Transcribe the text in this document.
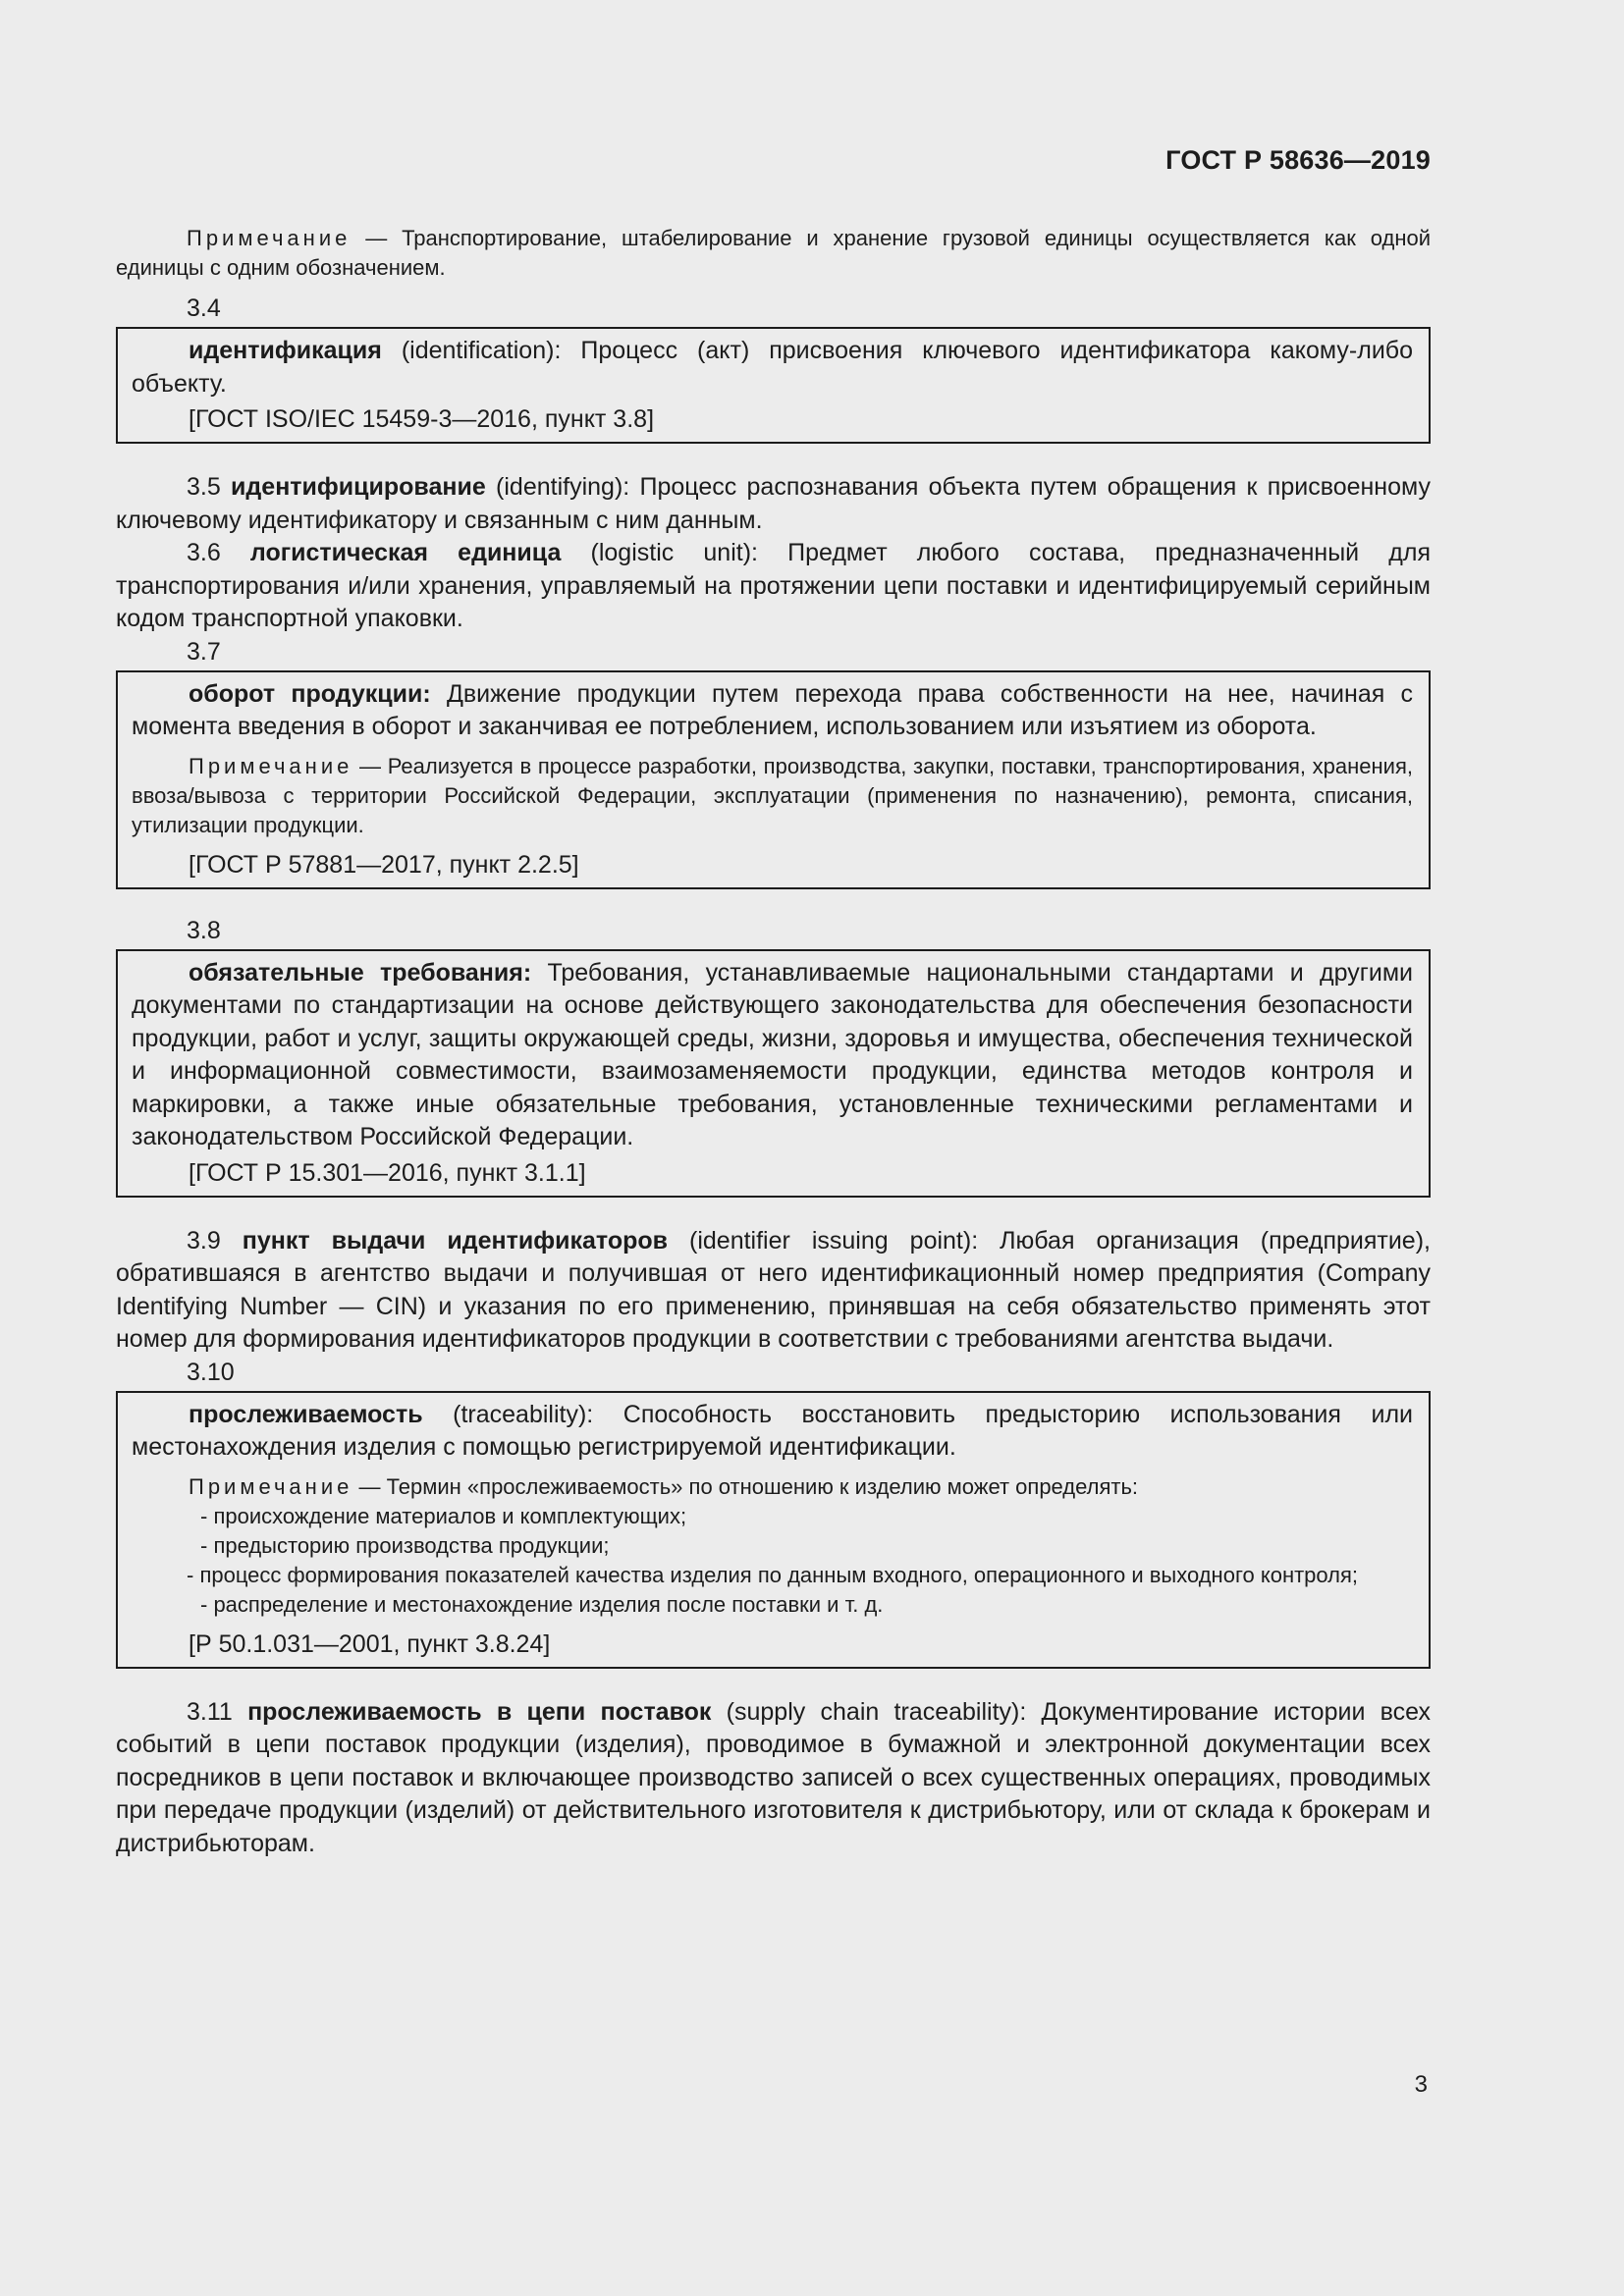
ГОСТ Р 58636—2019

Примечание — Транспортирование, штабелирование и хранение грузовой единицы осуществляется как одной единицы с одним обозначением.

3.4

идентификация (identification): Процесс (акт) присвоения ключевого идентификатора какому-либо объекту.

[ГОСТ ISO/IEC 15459-3—2016, пункт 3.8]

3.5 идентифицирование (identifying): Процесс распознавания объекта путем обращения к присвоенному ключевому идентификатору и связанным с ним данным.

3.6 логистическая единица (logistic unit): Предмет любого состава, предназначенный для транспортирования и/или хранения, управляемый на протяжении цепи поставки и идентифицируемый серийным кодом транспортной упаковки.

3.7

оборот продукции: Движение продукции путем перехода права собственности на нее, начиная с момента введения в оборот и заканчивая ее потреблением, использованием или изъятием из оборота.

Примечание — Реализуется в процессе разработки, производства, закупки, поставки, транспортирования, хранения, ввоза/вывоза с территории Российской Федерации, эксплуатации (применения по назначению), ремонта, списания, утилизации продукции.

[ГОСТ Р 57881—2017, пункт 2.2.5]
3.8

обязательные требования: Требования, устанавливаемые национальными стандартами и другими документами по стандартизации на основе действующего законодательства для обеспечения безопасности продукции, работ и услуг, защиты окружающей среды, жизни, здоровья и имущества, обеспечения технической и информационной совместимости, взаимозаменяемости продукции, единства методов контроля и маркировки, а также иные обязательные требования, установленные техническими регламентами и законодательством Российской Федерации.

[ГОСТ Р 15.301—2016, пункт 3.1.1]

3.9 пункт выдачи идентификаторов (identifier issuing point): Любая организация (предприятие), обратившаяся в агентство выдачи и получившая от него идентификационный номер предприятия (Company Identifying Number — CIN) и указания по его применению, принявшая на себя обязательство применять этот номер для формирования идентификаторов продукции в соответствии с требованиями агентства выдачи.

3.10

прослеживаемость (traceability): Способность восстановить предысторию использования или местонахождения изделия с помощью регистрируемой идентификации.

Примечание — Термин «прослеживаемость» по отношению к изделию может определять:

- происхождение материалов и комплектующих;
- предысторию производства продукции;

- процесс формирования показателей качества изделия по данным входного, операционного и выходного контроля;

- распределение и местонахождение изделия после поставки и т. д.
[Р 50.1.031—2001, пункт 3.8.24]

3.11 прослеживаемость в цепи поставок (supply chain traceability): Документирование истории всех событий в цепи поставок продукции (изделия), проводимое в бумажной и электронной документации всех посредников в цепи поставок и включающее производство записей о всех существенных операциях, проводимых при передаче продукции (изделий) от действительного изготовителя к дистрибьютору, или от склада к брокерам и дистрибьюторам.

3
